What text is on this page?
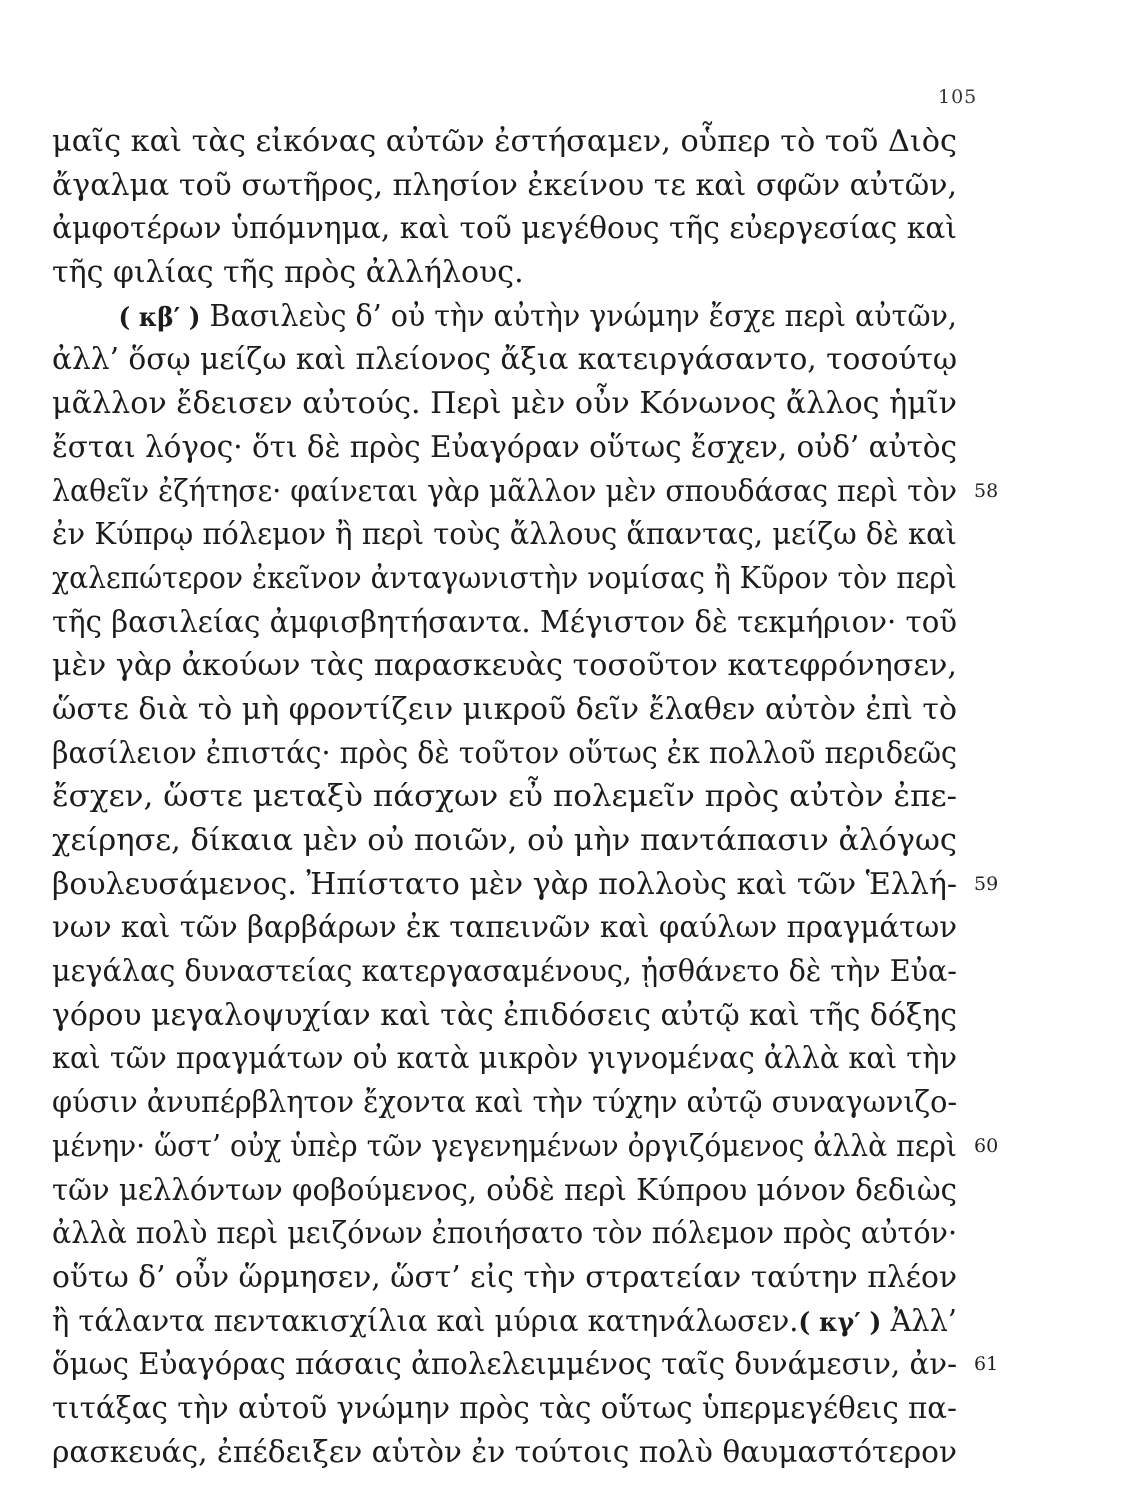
105
μαῖς καὶ τὰς εἰκόνας αὐτῶν ἐστήσαμεν, οὗπερ τὸ τοῦ Διὸς
ἄγαλμα τοῦ σωτῆρος, πλησίον ἐκείνου τε καὶ σφῶν αὐτῶν,
ἀμφοτέρων ὑπόμνημα, καὶ τοῦ μεγέθους τῆς εὐεργεσίας καὶ
τῆς φιλίας τῆς πρὸς ἀλλήλους.
( κβ′ ) Βασιλεὺς δ’ οὐ τὴν αὐτὴν γνώμην ἔσχε περὶ αὐτῶν,
ἀλλ’ ὅσῳ μείζω καὶ πλείονος ἄξια κατειργάσαντο, τοσούτῳ
μᾶλλον ἔδεισεν αὐτούς. Περὶ μὲν οὖν Κόνωνος ἄλλος ἡμῖν
ἔσται λόγος· ὅτι δὲ πρὸς Εὐαγόραν οὕτως ἔσχεν, οὐδ’ αὐτὸς
λαθεῖν ἐζήτησε· φαίνεται γὰρ μᾶλλον μὲν σπουδάσας περὶ τὸν 58
ἐν Κύπρῳ πόλεμον ἢ περὶ τοὺς ἄλλους ἅπαντας, μείζω δὲ καὶ
χαλεπώτερον ἐκεῖνον ἀνταγωνιστὴν νομίσας ἢ Κῦρον τὸν περὶ
τῆς βασιλείας ἀμφισβητήσαντα. Μέγιστον δὲ τεκμήριον· τοῦ
μὲν γὰρ ἀκούων τὰς παρασκευὰς τοσοῦτον κατεφρόνησεν,
ὥστε διὰ τὸ μὴ φροντίζειν μικροῦ δεῖν ἔλαθεν αὐτὸν ἐπὶ τὸ
βασίλειον ἐπιστάς· πρὸς δὲ τοῦτον οὕτως ἐκ πολλοῦ περιδεῶς
ἔσχεν, ὥστε μεταξὺ πάσχων εὖ πολεμεῖν πρὸς αὐτὸν ἐπε-
χείρησε, δίκαια μὲν οὐ ποιῶν, οὐ μὴν παντάπασιν ἀλόγως
βουλευσάμενος. Ἠπίστατο μὲν γὰρ πολλοὺς καὶ τῶν Ἑλλή- 59
νων καὶ τῶν βαρβάρων ἐκ ταπεινῶν καὶ φαύλων πραγμάτων
μεγάλας δυναστείας κατεργασαμένους, ᾐσθάνετο δὲ τὴν Εὐα-
γόρου μεγαλοψυχίαν καὶ τὰς ἐπιδόσεις αὐτῷ καὶ τῆς δόξης
καὶ τῶν πραγμάτων οὐ κατὰ μικρὸν γιγνομένας ἀλλὰ καὶ τὴν
φύσιν ἀνυπέρβλητον ἔχοντα καὶ τὴν τύχην αὐτῷ συναγωνιζο-
μένην· ὥστ’ οὐχ ὑπὲρ τῶν γεγενημένων ὀργιζόμενος ἀλλὰ περὶ 60
τῶν μελλόντων φοβούμενος, οὐδὲ περὶ Κύπρου μόνον δεδιὼς
ἀλλὰ πολὺ περὶ μειζόνων ἐποιήσατο τὸν πόλεμον πρὸς αὐτόν·
οὕτω δ’ οὖν ὥρμησεν, ὥστ’ εἰς τὴν στρατείαν ταύτην πλέον
ἢ τάλαντα πεντακισχίλια καὶ μύρια κατηνάλωσεν.( κγ′ ) Ἀλλ’
ὅμως Εὐαγόρας πάσαις ἀπολελειμμένος ταῖς δυνάμεσιν, ἀν- 61
τιτάξας τὴν αὑτοῦ γνώμην πρὸς τὰς οὕτως ὑπερμεγέθεις πα-
ρασκευάς, ἐπέδειξεν αὑτὸν ἐν τούτοις πολὺ θαυμαστότερον
